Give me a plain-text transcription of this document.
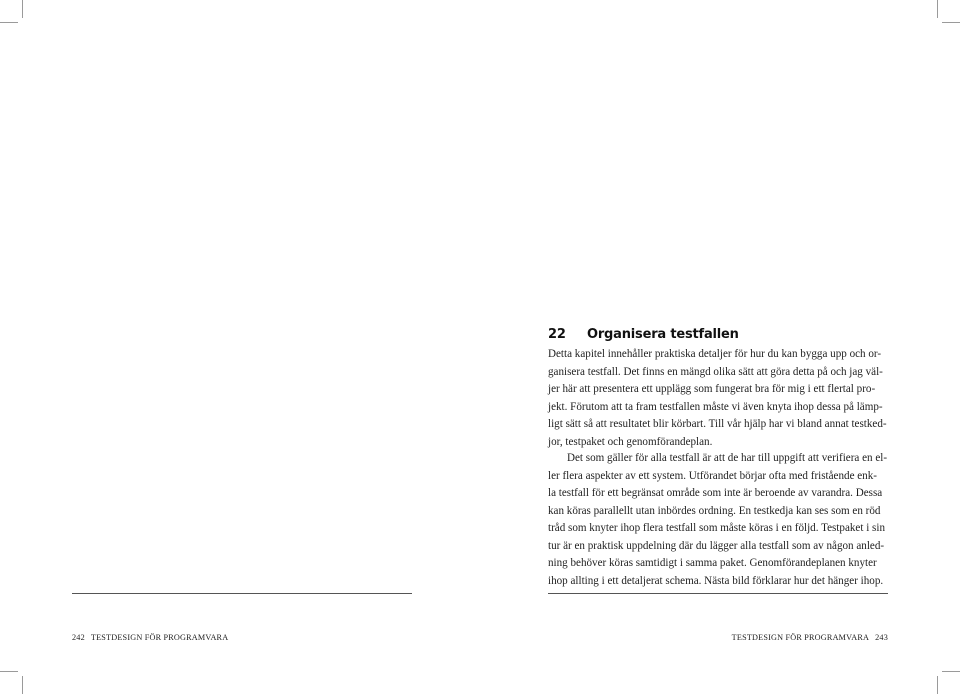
22 Organisera testfallen
Detta kapitel innehåller praktiska detaljer för hur du kan bygga upp och or-
ganisera testfall. Det finns en mängd olika sätt att göra detta på och jag väl-
jer här att presentera ett upplägg som fungerat bra för mig i ett flertal pro-
jekt. Förutom att ta fram testfallen måste vi även knyta ihop dessa på lämp-
ligt sätt så att resultatet blir körbart. Till vår hjälp har vi bland annat testked-
jor, testpaket och genomförandeplan.
Det som gäller för alla testfall är att de har till uppgift att verifiera en el-
ler flera aspekter av ett system. Utförandet börjar ofta med fristående enk-
la testfall för ett begränsat område som inte är beroende av varandra. Dessa
kan köras parallellt utan inbördes ordning. En testkedja kan ses som en röd
tråd som knyter ihop flera testfall som måste köras i en följd. Testpaket i sin
tur är en praktisk uppdelning där du lägger alla testfall som av någon anled-
ning behöver köras samtidigt i samma paket. Genomförandeplanen knyter
ihop allting i ett detaljerat schema. Nästa bild förklarar hur det hänger ihop.
242 TESTDESIGN FÖR PROGRAMVARA	TESTDESIGN FÖR PROGRAMVARA 243
